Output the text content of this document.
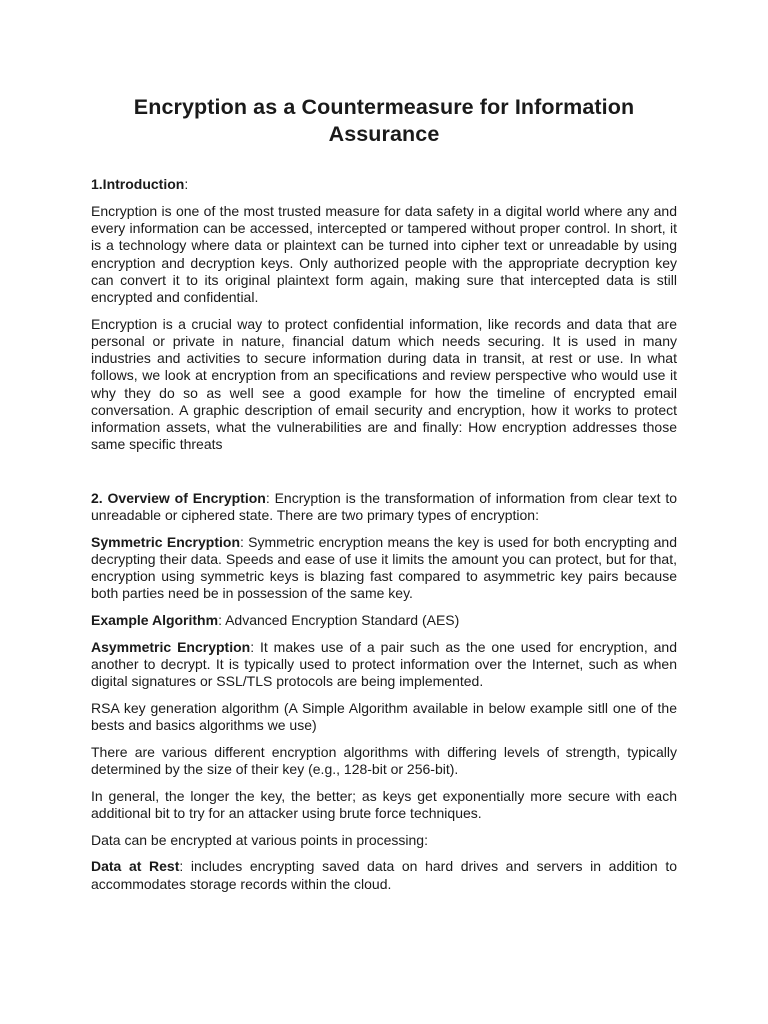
Encryption as a Countermeasure for Information Assurance
1.Introduction:

Encryption is one of the most trusted measure for data safety in a digital world where any and every information can be accessed, intercepted or tampered without proper control. In short, it is a technology where data or plaintext can be turned into cipher text or unreadable by using encryption and decryption keys. Only authorized people with the appropriate decryption key can convert it to its original plaintext form again, making sure that intercepted data is still encrypted and confidential.

Encryption is a crucial way to protect confidential information, like records and data that are personal or private in nature, financial datum which needs securing. It is used in many industries and activities to secure information during data in transit, at rest or use. In what follows, we look at encryption from an specifications and review perspective who would use it why they do so as well see a good example for how the timeline of encrypted email conversation. A graphic description of email security and encryption, how it works to protect information assets, what the vulnerabilities are and finally: How encryption addresses those same specific threats

2. Overview of Encryption: Encryption is the transformation of information from clear text to unreadable or ciphered state. There are two primary types of encryption:

Symmetric Encryption: Symmetric encryption means the key is used for both encrypting and decrypting their data. Speeds and ease of use it limits the amount you can protect, but for that, encryption using symmetric keys is blazing fast compared to asymmetric key pairs because both parties need be in possession of the same key.

Example Algorithm: Advanced Encryption Standard (AES)

Asymmetric Encryption: It makes use of a pair such as the one used for encryption, and another to decrypt. It is typically used to protect information over the Internet, such as when digital signatures or SSL/TLS protocols are being implemented.

RSA key generation algorithm (A Simple Algorithm available in below example sitll one of the bests and basics algorithms we use)

There are various different encryption algorithms with differing levels of strength, typically determined by the size of their key (e.g., 128-bit or 256-bit).

In general, the longer the key, the better; as keys get exponentially more secure with each additional bit to try for an attacker using brute force techniques.

Data can be encrypted at various points in processing:

Data at Rest: includes encrypting saved data on hard drives and servers in addition to accommodates storage records within the cloud.
